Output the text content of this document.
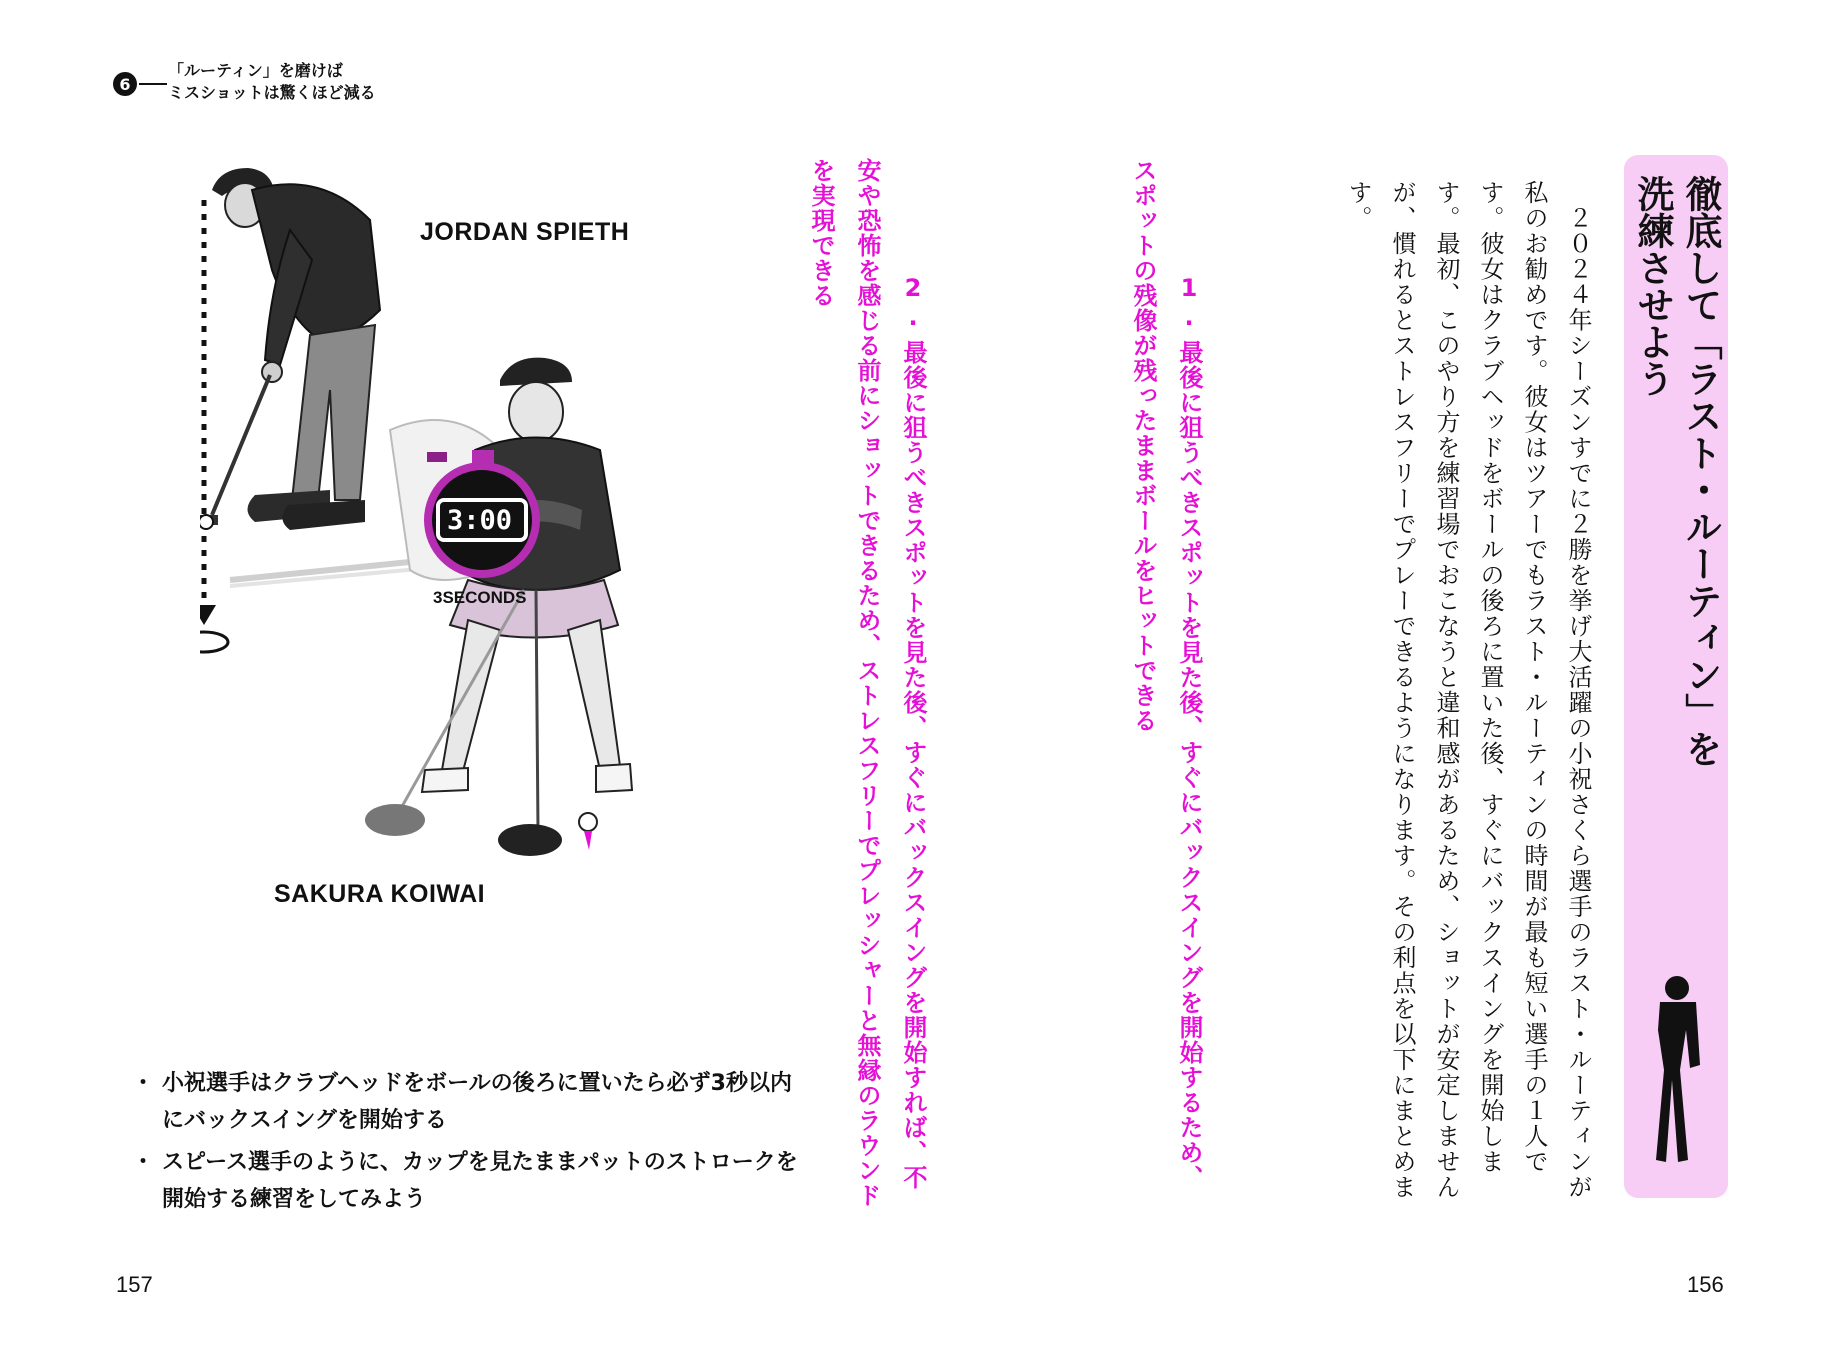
6
「ルーティン」を磨けば
ミスショットは驚くほど減る
JORDAN SPIETH
SAKURA KOIWAI
3:00
3SECONDS
・ 小祝選手はクラブヘッドをボールの後ろに置いたら必ず3秒以内にバックスイングを開始する
・ スピース選手のように、カップを見たままパットのストロークを開始する練習をしてみよう
157
徹底して「ラスト・ルーティン」を洗練させよう
　２０２４年シーズンすでに２勝を挙げ大活躍の小祝さくら選手のラスト・ルーティンが私のお勧めです。彼女はツアーでもラスト・ルーティンの時間が最も短い選手の１人です。彼女はクラブヘッドをボールの後ろに置いた後、すぐにバックスイングを開始します。最初、このやり方を練習場でおこなうと違和感があるため、ショットが安定しませんが、慣れるとストレスフリーでプレーできるようになります。その利点を以下にまとめます。

1.最後に狙うべきスポットを見た後、すぐにバックスイングを開始するため、スポットの残像が残ったままボールをヒットできる

2.最後に狙うべきスポットを見た後、すぐにバックスイングを開始すれば、不安や恐怖を感じる前にショットできるため、ストレスフリーでプレッシャーと無縁のラウンドを実現できる

156
